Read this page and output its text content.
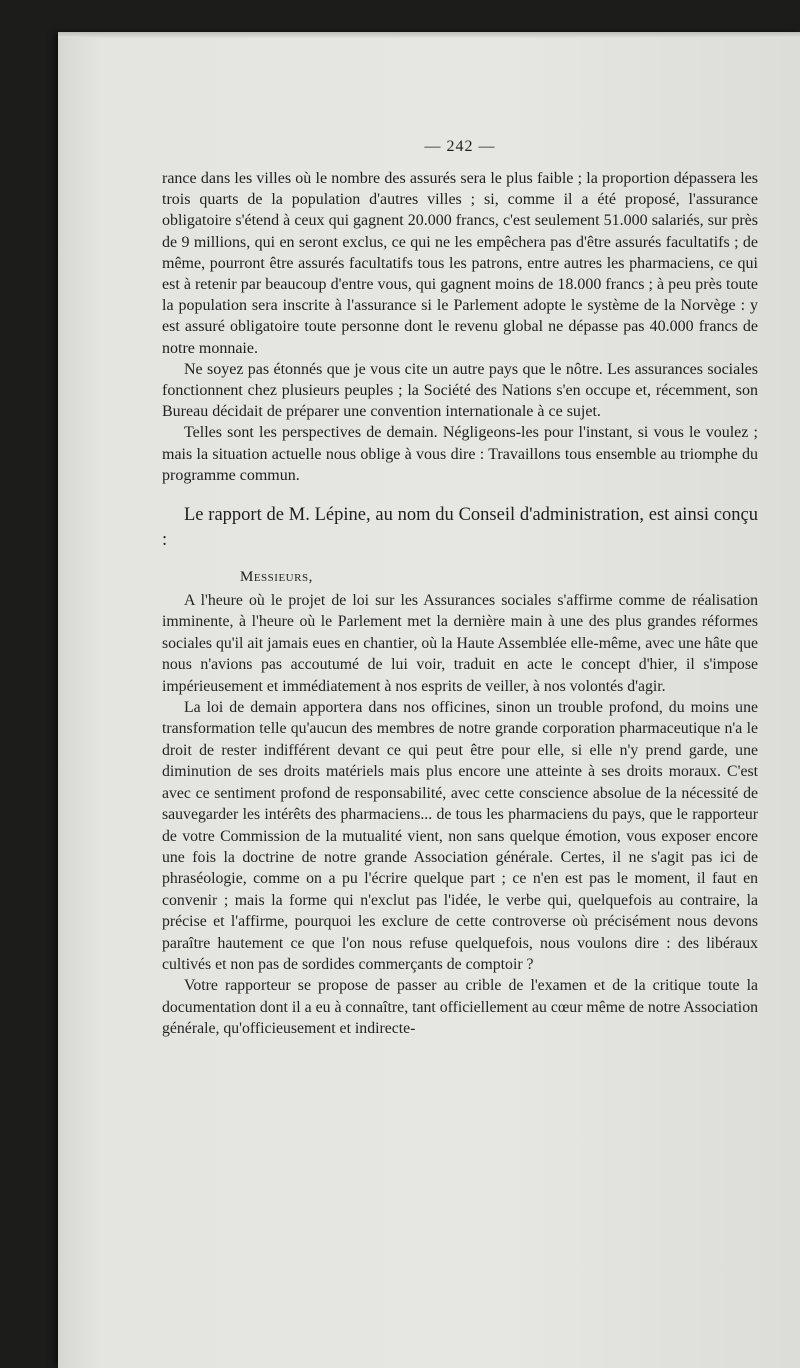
— 242 —

rance dans les villes où le nombre des assurés sera le plus faible ; la proportion dépassera les trois quarts de la population d'autres villes ; si, comme il a été proposé, l'assurance obligatoire s'étend à ceux qui gagnent 20.000 francs, c'est seulement 51.000 salariés, sur près de 9 millions, qui en seront exclus, ce qui ne les empêchera pas d'être assurés facultatifs ; de même, pourront être assurés facultatifs tous les patrons, entre autres les pharmaciens, ce qui est à retenir par beaucoup d'entre vous, qui gagnent moins de 18.000 francs ; à peu près toute la population sera inscrite à l'assurance si le Parlement adopte le système de la Norvège : y est assuré obligatoire toute personne dont le revenu global ne dépasse pas 40.000 francs de notre monnaie.

Ne soyez pas étonnés que je vous cite un autre pays que le nôtre. Les assurances sociales fonctionnent chez plusieurs peuples ; la Société des Nations s'en occupe et, récemment, son Bureau décidait de préparer une convention internationale à ce sujet.

Telles sont les perspectives de demain. Négligeons-les pour l'instant, si vous le voulez ; mais la situation actuelle nous oblige à vous dire : Travaillons tous ensemble au triomphe du programme commun.

Le rapport de M. Lépine, au nom du Conseil d'administration, est ainsi conçu :

Messieurs,

A l'heure où le projet de loi sur les Assurances sociales s'affirme comme de réalisation imminente, à l'heure où le Parlement met la dernière main à une des plus grandes réformes sociales qu'il ait jamais eues en chantier, où la Haute Assemblée elle-même, avec une hâte que nous n'avions pas accoutumé de lui voir, traduit en acte le concept d'hier, il s'impose impérieusement et immédiatement à nos esprits de veiller, à nos volontés d'agir.

La loi de demain apportera dans nos officines, sinon un trouble profond, du moins une transformation telle qu'aucun des membres de notre grande corporation pharmaceutique n'a le droit de rester indifférent devant ce qui peut être pour elle, si elle n'y prend garde, une diminution de ses droits matériels mais plus encore une atteinte à ses droits moraux. C'est avec ce sentiment profond de responsabilité, avec cette conscience absolue de la nécessité de sauvegarder les intérêts des pharmaciens... de tous les pharmaciens du pays, que le rapporteur de votre Commission de la mutualité vient, non sans quelque émotion, vous exposer encore une fois la doctrine de notre grande Association générale. Certes, il ne s'agit pas ici de phraséologie, comme on a pu l'écrire quelque part ; ce n'en est pas le moment, il faut en convenir ; mais la forme qui n'exclut pas l'idée, le verbe qui, quelquefois au contraire, la précise et l'affirme, pourquoi les exclure de cette controverse où précisément nous devons paraître hautement ce que l'on nous refuse quelquefois, nous voulons dire : des libéraux cultivés et non pas de sordides commerçants de comptoir ?

Votre rapporteur se propose de passer au crible de l'examen et de la critique toute la documentation dont il a eu à connaître, tant officiellement au cœur même de notre Association générale, qu'officieusement et indirecte-
